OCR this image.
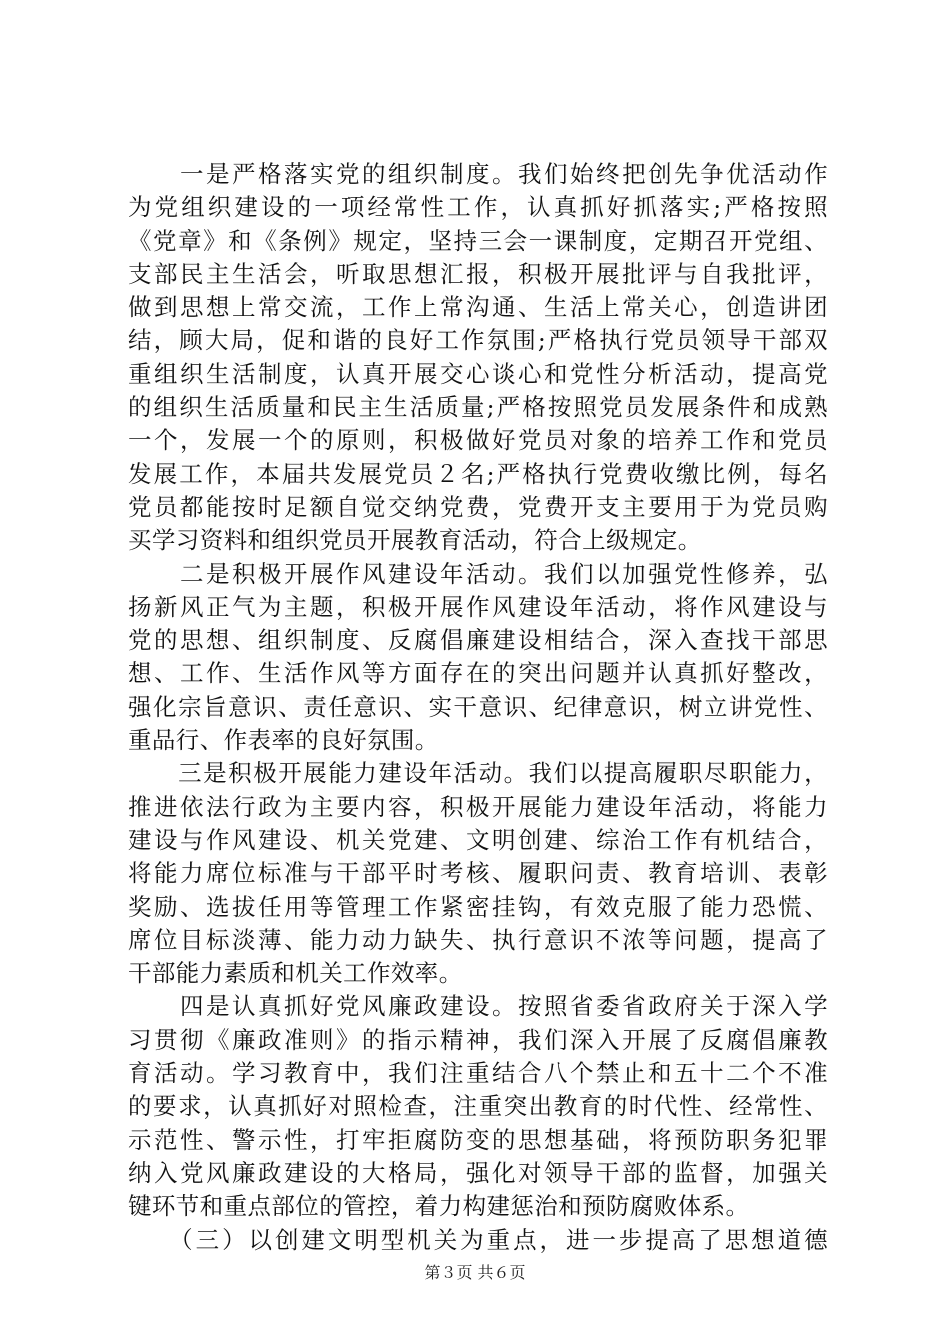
　　一是严格落实党的组织制度。我们始终把创先争优活动作
为党组织建设的一项经常性工作，认真抓好抓落实;严格按照
《党章》和《条例》规定，坚持三会一课制度，定期召开党组、
支部民主生活会，听取思想汇报，积极开展批评与自我批评，
做到思想上常交流，工作上常沟通、生活上常关心，创造讲团
结，顾大局，促和谐的良好工作氛围;严格执行党员领导干部双
重组织生活制度，认真开展交心谈心和党性分析活动，提高党
的组织生活质量和民主生活质量;严格按照党员发展条件和成熟
一个，发展一个的原则，积极做好党员对象的培养工作和党员
发展工作，本届共发展党员２名;严格执行党费收缴比例，每名
党员都能按时足额自觉交纳党费，党费开支主要用于为党员购
买学习资料和组织党员开展教育活动，符合上级规定。
　　二是积极开展作风建设年活动。我们以加强党性修养，弘
扬新风正气为主题，积极开展作风建设年活动，将作风建设与
党的思想、组织制度、反腐倡廉建设相结合，深入查找干部思
想、工作、生活作风等方面存在的突出问题并认真抓好整改，
强化宗旨意识、责任意识、实干意识、纪律意识，树立讲党性、
重品行、作表率的良好氛围。
　　三是积极开展能力建设年活动。我们以提高履职尽职能力，
推进依法行政为主要内容，积极开展能力建设年活动，将能力
建设与作风建设、机关党建、文明创建、综治工作有机结合，
将能力席位标准与干部平时考核、履职问责、教育培训、表彰
奖励、选拔任用等管理工作紧密挂钩，有效克服了能力恐慌、
席位目标淡薄、能力动力缺失、执行意识不浓等问题，提高了
干部能力素质和机关工作效率。
　　四是认真抓好党风廉政建设。按照省委省政府关于深入学
习贯彻《廉政准则》的指示精神，我们深入开展了反腐倡廉教
育活动。学习教育中，我们注重结合八个禁止和五十二个不准
的要求，认真抓好对照检查，注重突出教育的时代性、经常性、
示范性、警示性，打牢拒腐防变的思想基础，将预防职务犯罪
纳入党风廉政建设的大格局，强化对领导干部的监督，加强关
键环节和重点部位的管控，着力构建惩治和预防腐败体系。
　　（三）以创建文明型机关为重点，进一步提高了思想道德
第３页 共６页
